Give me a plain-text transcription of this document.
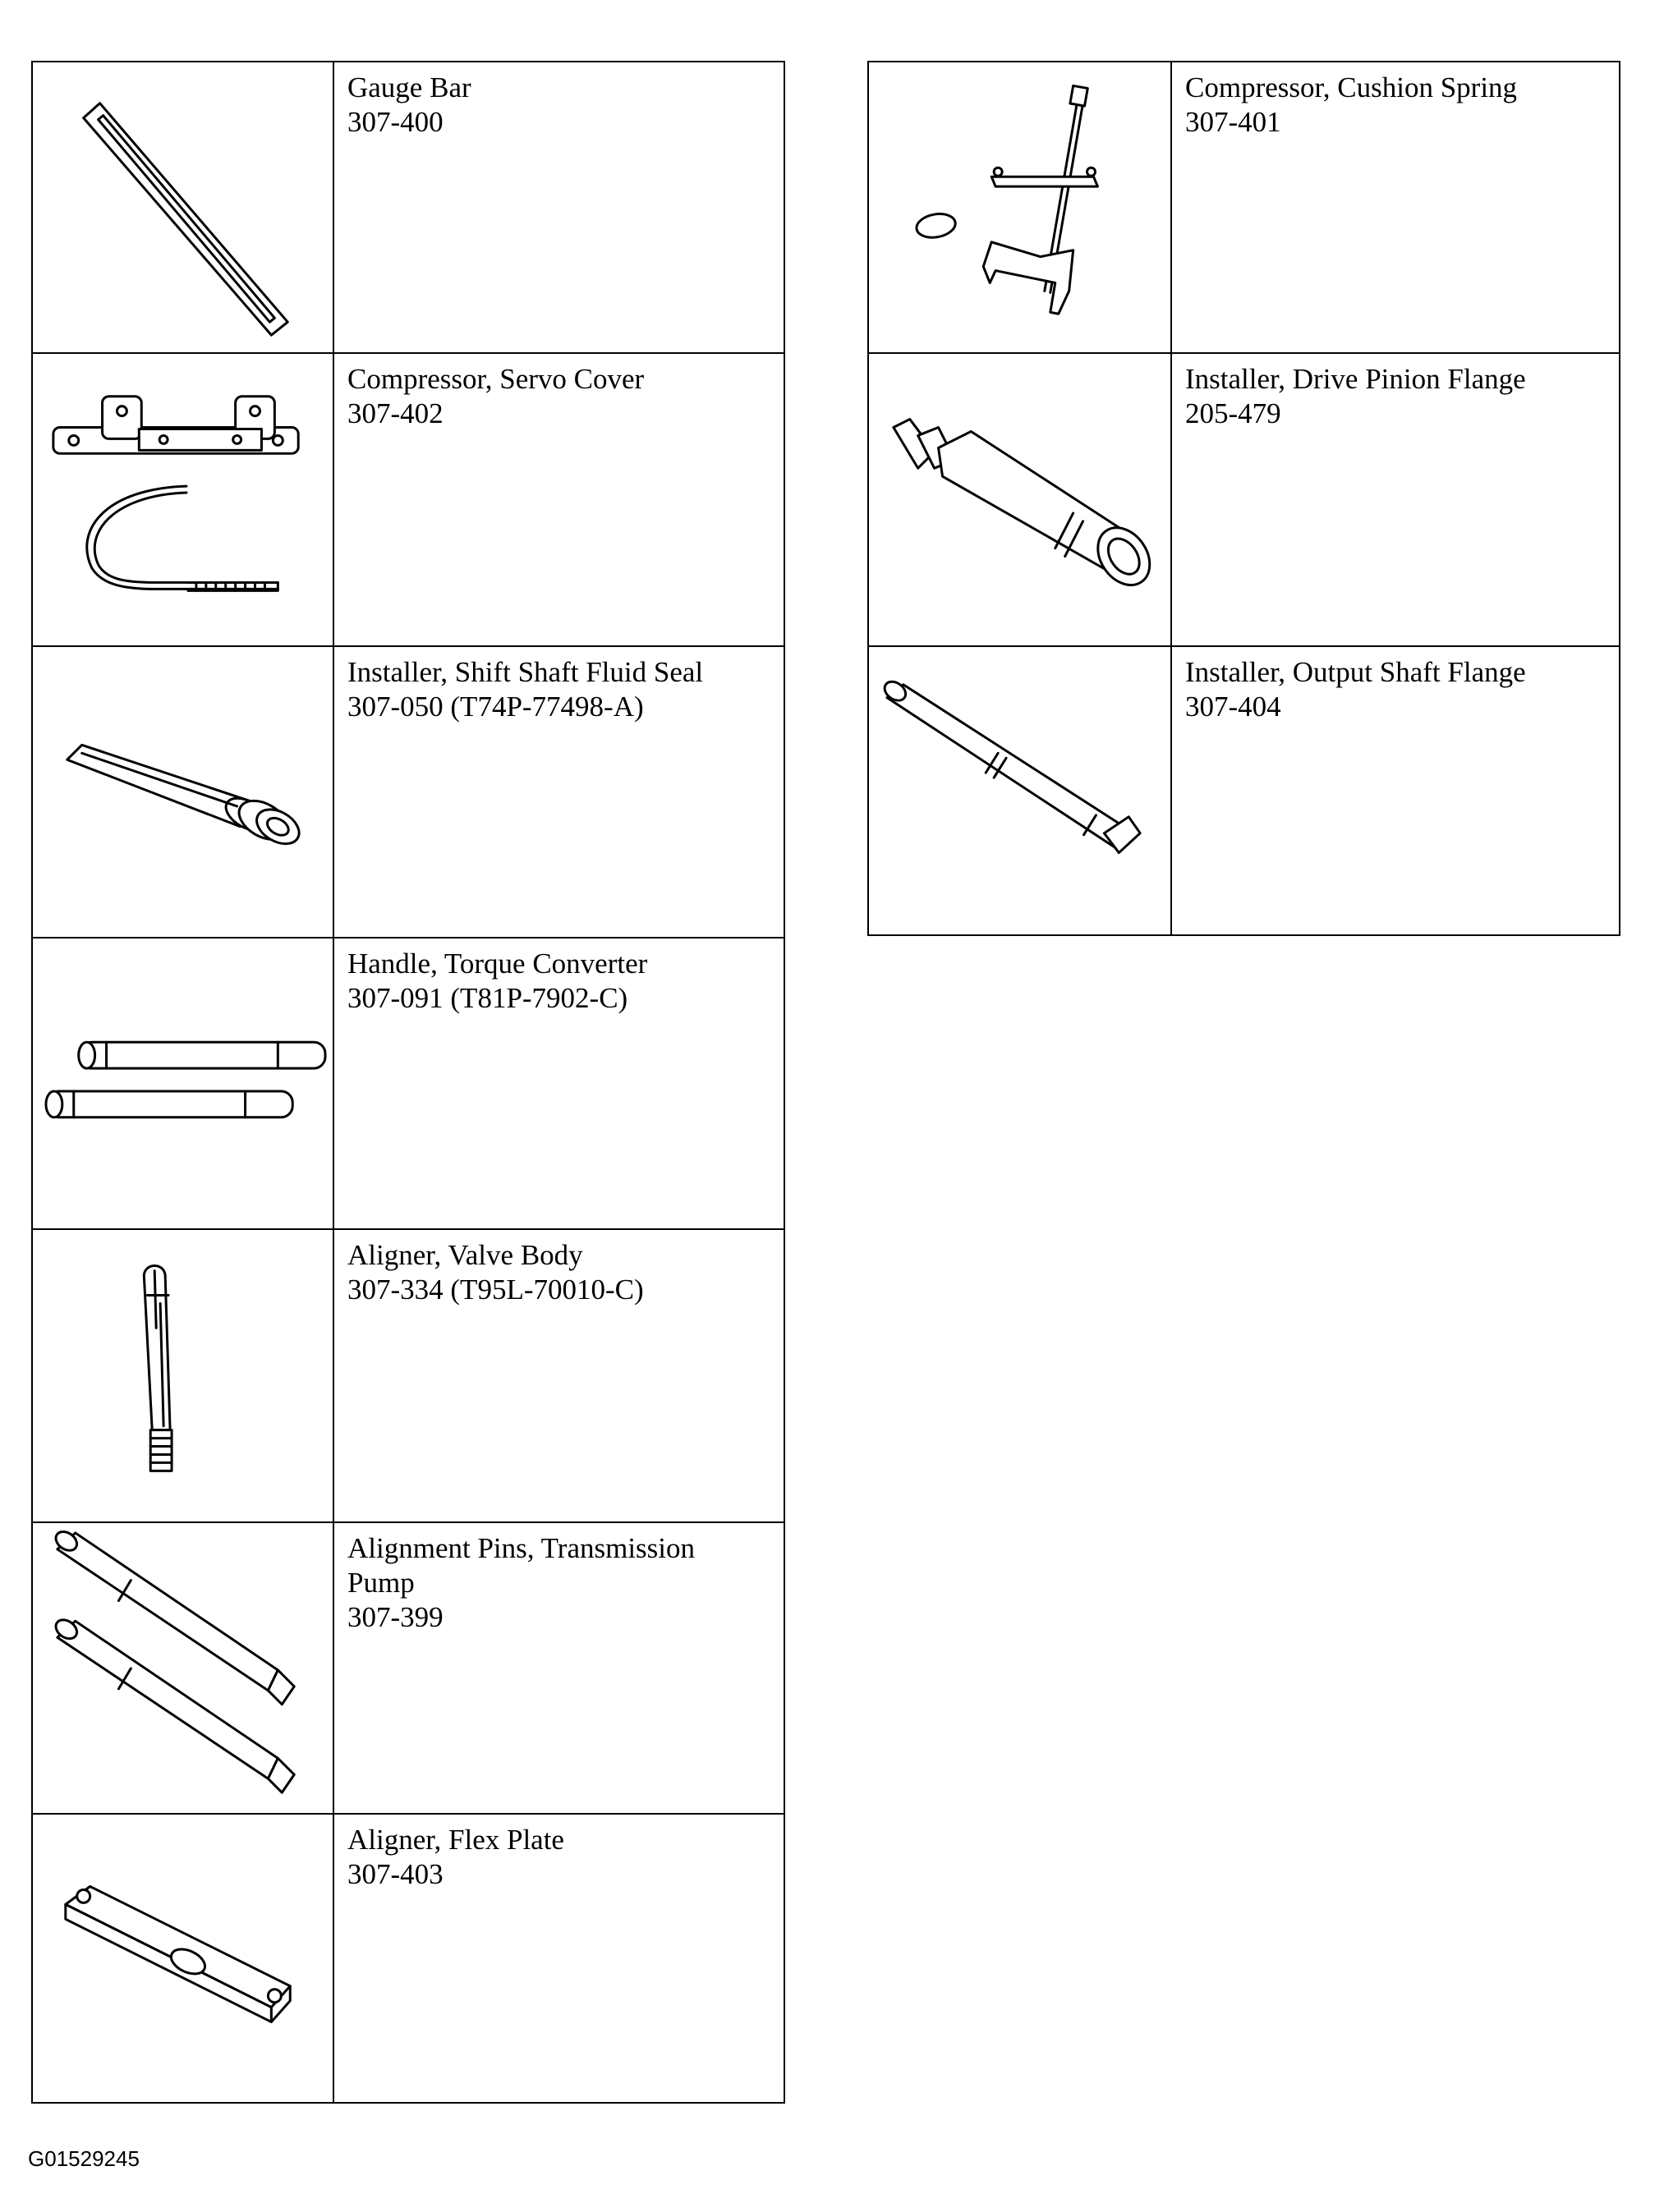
Gauge Bar
307-400

Compressor, Servo Cover
307-402

Installer, Shift Shaft Fluid Seal
307-050 (T74P-77498-A)

Handle, Torque Converter
307-091 (T81P-7902-C)

Aligner, Valve Body
307-334 (T95L-70010-C)

Alignment Pins, Transmission
Pump
307-399

Aligner, Flex Plate
307-403

Compressor, Cushion Spring
307-401

Installer, Drive Pinion Flange
205-479

Installer, Output Shaft Flange
307-404
G01529245
